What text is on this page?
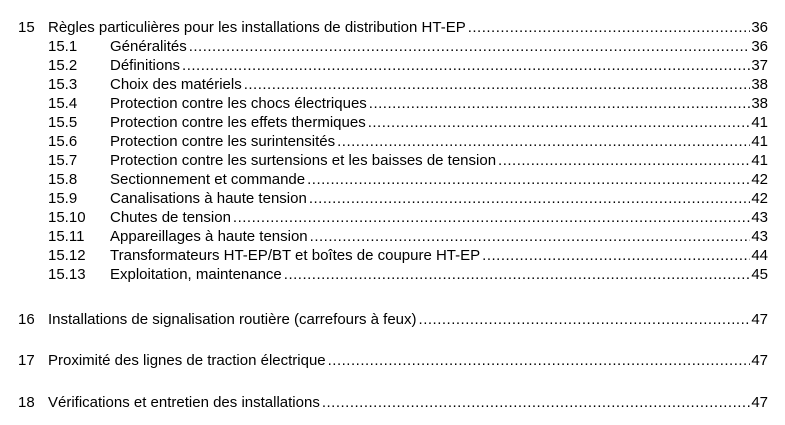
15 Règles particulières pour les installations de distribution HT-EP .....	36
15.1 Généralités .....	36
15.2 Définitions .....	37
15.3 Choix des matériels .....	38
15.4 Protection contre les chocs électriques .....	38
15.5 Protection contre les effets thermiques .....	41
15.6 Protection contre les surintensités .....	41
15.7 Protection contre les surtensions et les baisses de tension .....	41
15.8 Sectionnement et commande .....	42
15.9 Canalisations à haute tension .....	42
15.10 Chutes de tension .....	43
15.11 Appareillages à haute tension .....	43
15.12 Transformateurs HT-EP/BT et boîtes de coupure HT-EP .....	44
15.13 Exploitation, maintenance .....	45
16 Installations de signalisation routière (carrefours à feux) .....	47
17 Proximité des lignes de traction électrique .....	47
18 Vérifications et entretien des installations .....	47
